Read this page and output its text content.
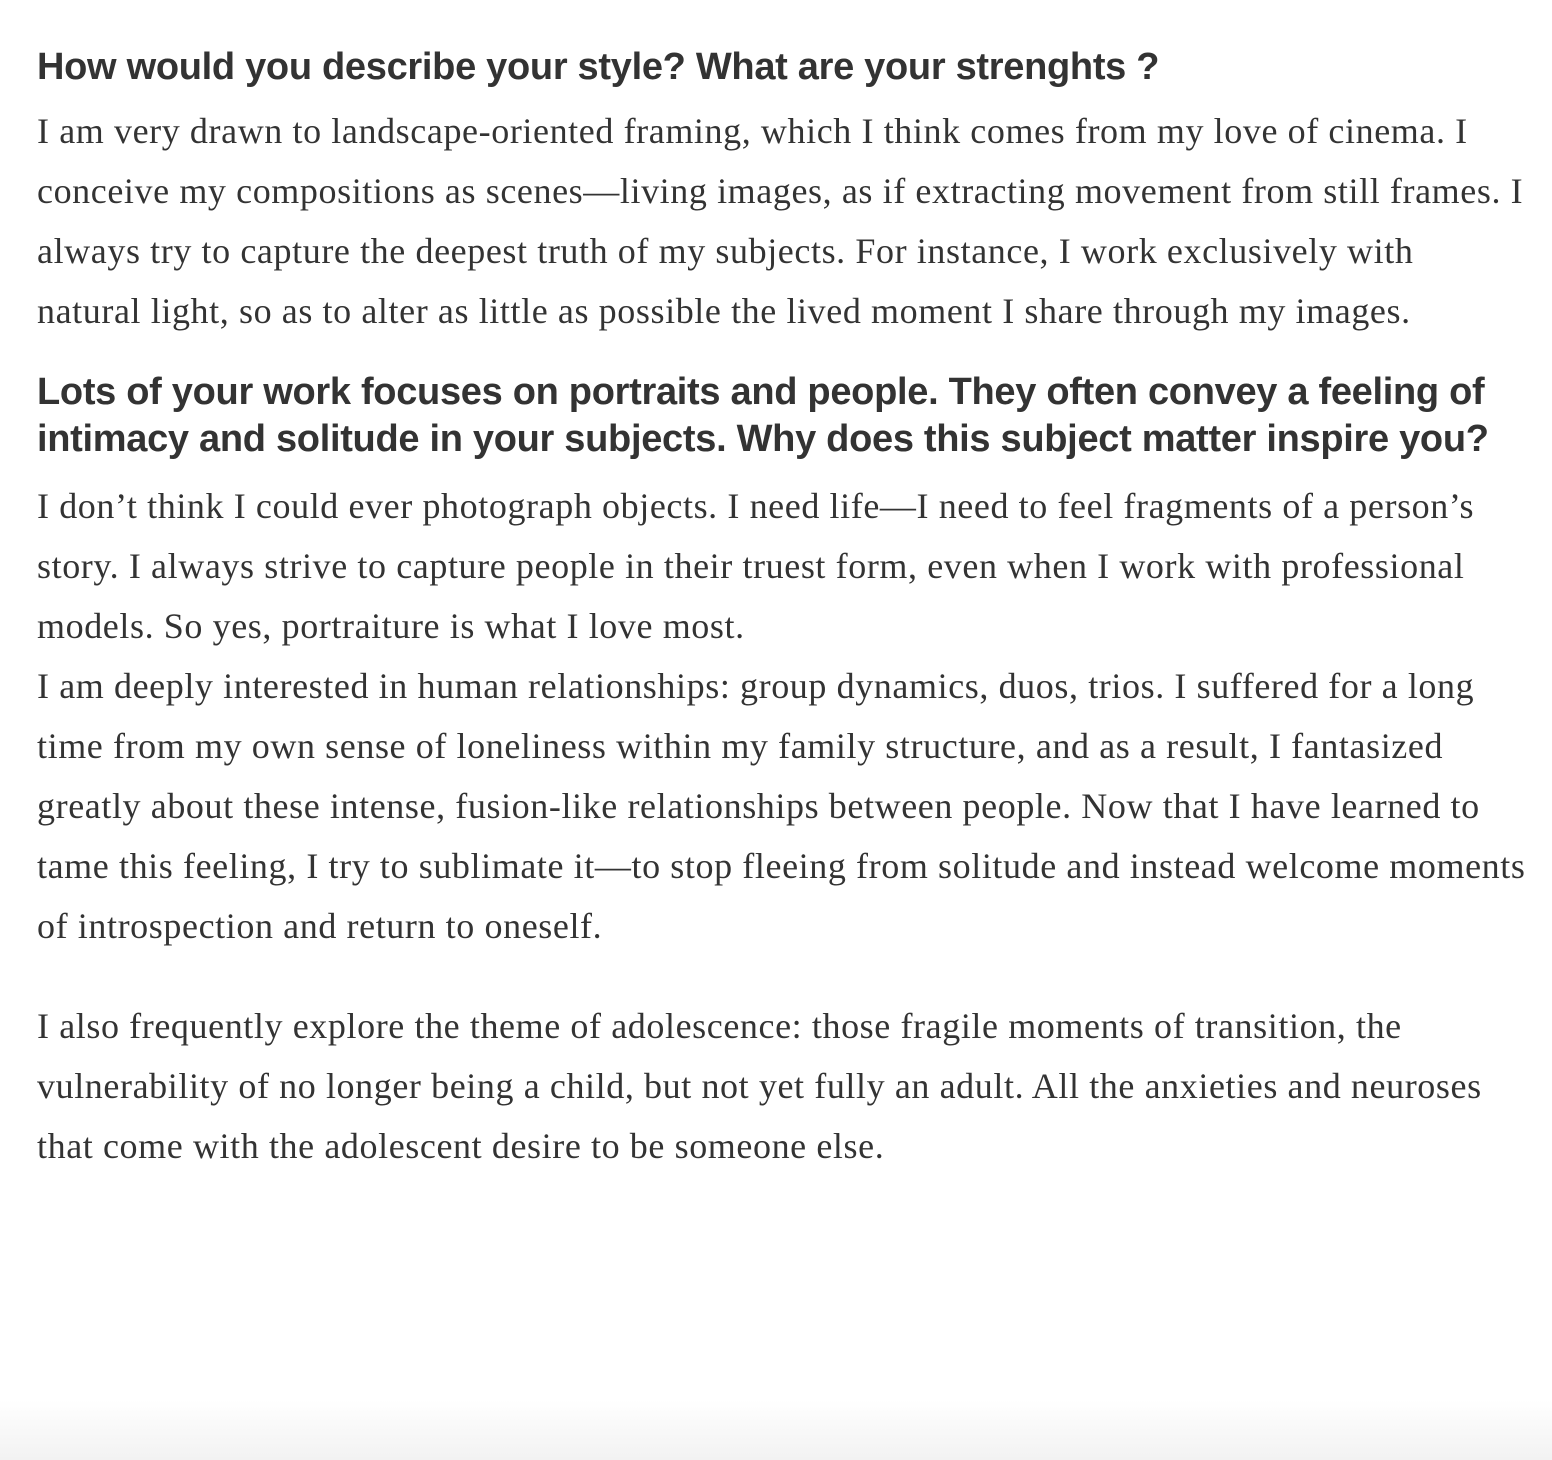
How would you describe your style? What are your strenghts ?

I am very drawn to landscape-oriented framing, which I think comes from my love of cinema. I conceive my compositions as scenes—living images, as if extracting movement from still frames. I always try to capture the deepest truth of my subjects. For instance, I work exclusively with natural light, so as to alter as little as possible the lived moment I share through my images.

Lots of your work focuses on portraits and people. They often convey a feeling of intimacy and solitude in your subjects. Why does this subject matter inspire you?

I don’t think I could ever photograph objects. I need life—I need to feel fragments of a person’s story. I always strive to capture people in their truest form, even when I work with professional models. So yes, portraiture is what I love most.

I am deeply interested in human relationships: group dynamics, duos, trios. I suffered for a long time from my own sense of loneliness within my family structure, and as a result, I fantasized greatly about these intense, fusion-like relationships between people. Now that I have learned to tame this feeling, I try to sublimate it—to stop fleeing from solitude and instead welcome moments of introspection and return to oneself.

I also frequently explore the theme of adolescence: those fragile moments of transition, the vulnerability of no longer being a child, but not yet fully an adult. All the anxieties and neuroses that come with the adolescent desire to be someone else.
